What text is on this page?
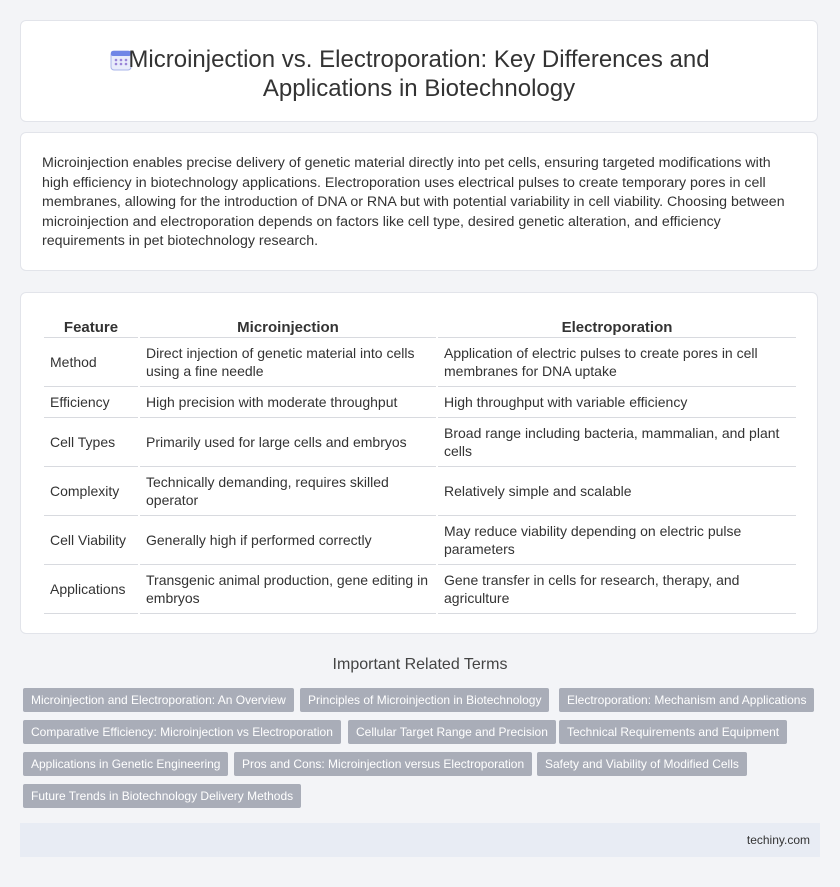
Microinjection vs. Electroporation: Key Differences and
Applications in Biotechnology
Microinjection enables precise delivery of genetic material directly into pet cells, ensuring targeted modifications with high efficiency in biotechnology applications. Electroporation uses electrical pulses to create temporary pores in cell membranes, allowing for the introduction of DNA or RNA but with potential variability in cell viability. Choosing between microinjection and electroporation depends on factors like cell type, desired genetic alteration, and efficiency requirements in pet biotechnology research.
Feature	Microinjection	Electroporation
Method	Direct injection of genetic material into cells using a fine needle	Application of electric pulses to create pores in cell membranes for DNA uptake
Efficiency	High precision with moderate throughput	High throughput with variable efficiency
Cell Types	Primarily used for large cells and embryos	Broad range including bacteria, mammalian, and plant cells
Complexity	Technically demanding, requires skilled operator	Relatively simple and scalable
Cell Viability	Generally high if performed correctly	May reduce viability depending on electric pulse parameters
Applications	Transgenic animal production, gene editing in embryos	Gene transfer in cells for research, therapy, and agriculture
Important Related Terms
Microinjection and Electroporation: An Overview	Principles of Microinjection in Biotechnology	Electroporation: Mechanism and Applications
Comparative Efficiency: Microinjection vs Electroporation	Cellular Target Range and Precision	Technical Requirements and Equipment
Applications in Genetic Engineering	Pros and Cons: Microinjection versus Electroporation	Safety and Viability of Modified Cells
Future Trends in Biotechnology Delivery Methods
techiny.com
